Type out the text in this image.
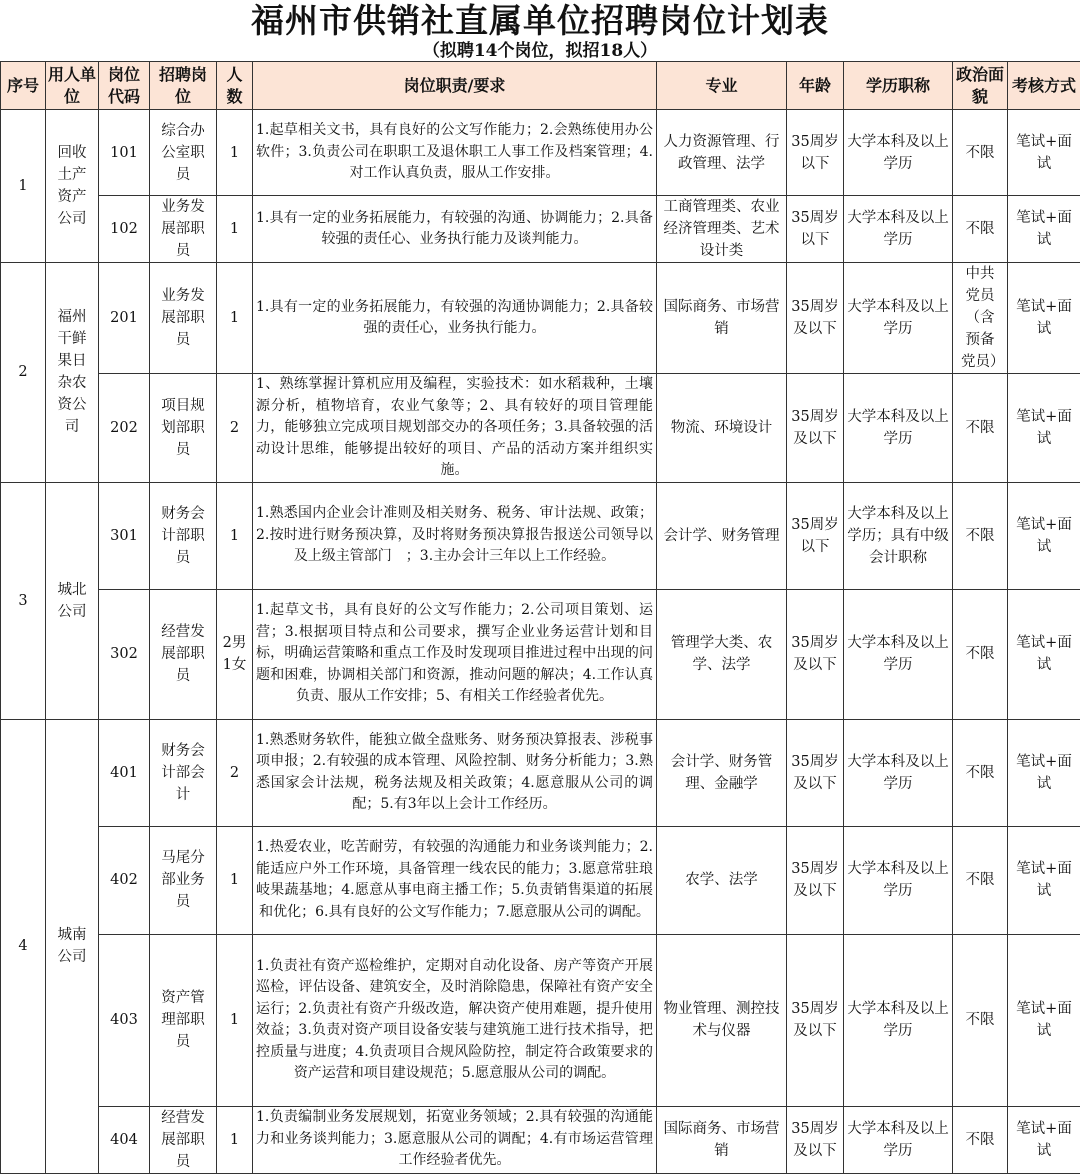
福州市供销社直属单位招聘岗位计划表
（拟聘14个岗位，拟招18人）
序号	用人单位	岗位代码	招聘岗位	人数	岗位职责/要求	专业	年龄	学历职称	政治面貌	考核方式
1	回收土产资产公司	101	综合办公室职员	1	1.起草相关文书，具有良好的公文写作能力；2.会熟练使用办公软件；3.负责公司在职职工及退休职工人事工作及档案管理；4.对工作认真负责，服从工作安排。	人力资源管理、行政管理、法学	35周岁以下	大学本科及以上学历	不限	笔试+面试
		102	业务发展部职员	1	1.具有一定的业务拓展能力，有较强的沟通、协调能力；2.具备较强的责任心、业务执行能力及谈判能力。	工商管理类、农业经济管理类、艺术设计类	35周岁以下	大学本科及以上学历	不限	笔试+面试
2	福州干鲜果日杂农资公司	201	业务发展部职员	1	1.具有一定的业务拓展能力，有较强的沟通协调能力；2.具备较强的责任心，业务执行能力。	国际商务、市场营销	35周岁及以下	大学本科及以上学历	中共党员（含预备党员）	笔试+面试
		202	项目规划部职员	2	1、熟练掌握计算机应用及编程，实验技术：如水稻栽种，土壤源分析，植物培育，农业气象等；2、具有较好的项目管理能力，能够独立完成项目规划部交办的各项任务；3.具备较强的活动设计思维，能够提出较好的项目、产品的活动方案并组织实施。	物流、环境设计	35周岁及以下	大学本科及以上学历	不限	笔试+面试
3	城北公司	301	财务会计部职员	1	1.熟悉国内企业会计准则及相关财务、税务、审计法规、政策；2.按时进行财务预决算，及时将财务预决算报告报送公司领导以及上级主管部门　；3.主办会计三年以上工作经验。	会计学、财务管理	35周岁以下	大学本科及以上学历；具有中级会计职称	不限	笔试+面试
		302	经营发展部职员	2男1女	1.起草文书，具有良好的公文写作能力；2.公司项目策划、运营；3.根据项目特点和公司要求，撰写企业业务运营计划和目标，明确运营策略和重点工作及时发现项目推进过程中出现的问题和困难，协调相关部门和资源，推动问题的解决；4.工作认真负责、服从工作安排；5、有相关工作经验者优先。	管理学大类、农学、法学	35周岁及以下	大学本科及以上学历	不限	笔试+面试
4	城南公司	401	财务会计部会计	2	1.熟悉财务软件，能独立做全盘账务、财务预决算报表、涉税事项申报；2.有较强的成本管理、风险控制、财务分析能力；3.熟悉国家会计法规，税务法规及相关政策；4.愿意服从公司的调配；5.有3年以上会计工作经历。	会计学、财务管理、金融学	35周岁及以下	大学本科及以上学历	不限	笔试+面试
		402	马尾分部业务员	1	1.热爱农业，吃苦耐劳，有较强的沟通能力和业务谈判能力；2.能适应户外工作环境，具备管理一线农民的能力；3.愿意常驻琅岐果蔬基地；4.愿意从事电商主播工作；5.负责销售渠道的拓展和优化；6.具有良好的公文写作能力；7.愿意服从公司的调配。	农学、法学	35周岁及以下	大学本科及以上学历	不限	笔试+面试
		403	资产管理部职员	1	1.负责社有资产巡检维护，定期对自动化设备、房产等资产开展巡检，评估设备、建筑安全，及时消除隐患，保障社有资产安全运行；2.负责社有资产升级改造，解决资产使用难题，提升使用效益；3.负责对资产项目设备安装与建筑施工进行技术指导，把控质量与进度；4.负责项目合规风险防控，制定符合政策要求的资产运营和项目建设规范；5.愿意服从公司的调配。	物业管理、测控技术与仪器	35周岁及以下	大学本科及以上学历	不限	笔试+面试
		404	经营发展部职员	1	1.负责编制业务发展规划，拓宽业务领域；2.具有较强的沟通能力和业务谈判能力；3.愿意服从公司的调配；4.有市场运营管理工作经验者优先。	国际商务、市场营销	35周岁及以下	大学本科及以上学历	不限	笔试+面试
